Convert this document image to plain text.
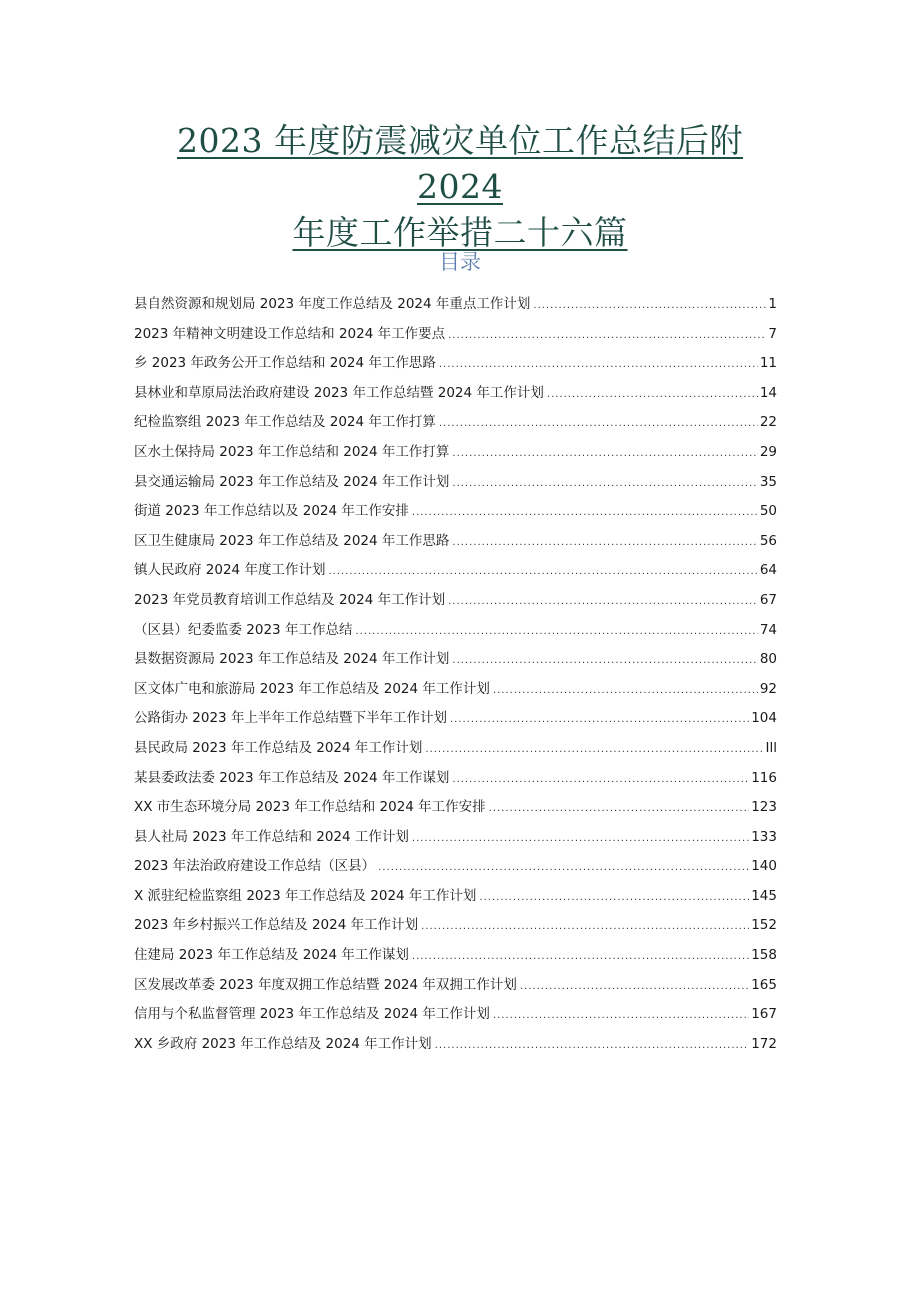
2023 年度防震减灾单位工作总结后附 2024
年度工作举措二十六篇
目录
县自然资源和规划局 2023 年度工作总结及 2024 年重点工作计划 .....	1
2023 年精神文明建设工作总结和 2024 年工作要点 .....	7
乡 2023 年政务公开工作总结和 2024 年工作思路 .....	11
县林业和草原局法治政府建设 2023 年工作总结暨 2024 年工作计划 .....	14
纪检监察组 2023 年工作总结及 2024 年工作打算 .....	22
区水土保持局 2023 年工作总结和 2024 年工作打算 .....	29
县交通运输局 2023 年工作总结及 2024 年工作计划 .....	35
街道 2023 年工作总结以及 2024 年工作安排 .....	50
区卫生健康局 2023 年工作总结及 2024 年工作思路 .....	56
镇人民政府 2024 年度工作计划 .....	64
2023 年党员教育培训工作总结及 2024 年工作计划 .....	67
（区县）纪委监委 2023 年工作总结 .....	74
县数据资源局 2023 年工作总结及 2024 年工作计划 .....	80
区文体广电和旅游局 2023 年工作总结及 2024 年工作计划 .....	92
公路街办 2023 年上半年工作总结暨下半年工作计划 .....	104
县民政局 2023 年工作总结及 2024 年工作计划 .....	Ill
某县委政法委 2023 年工作总结及 2024 年工作谋划 .....	116
XX 市生态环境分局 2023 年工作总结和 2024 年工作安排 .....	123
县人社局 2023 年工作总结和 2024 工作计划 .....	133
2023 年法治政府建设工作总结（区县） .....	140
X 派驻纪检监察组 2023 年工作总结及 2024 年工作计划 .....	145
2023 年乡村振兴工作总结及 2024 年工作计划 .....	152
住建局 2023 年工作总结及 2024 年工作谋划 .....	158
区发展改革委 2023 年度双拥工作总结暨 2024 年双拥工作计划 .....	165
信用与个私监督管理 2023 年工作总结及 2024 年工作计划 .....	167
XX 乡政府 2023 年工作总结及 2024 年工作计划 .....	172
